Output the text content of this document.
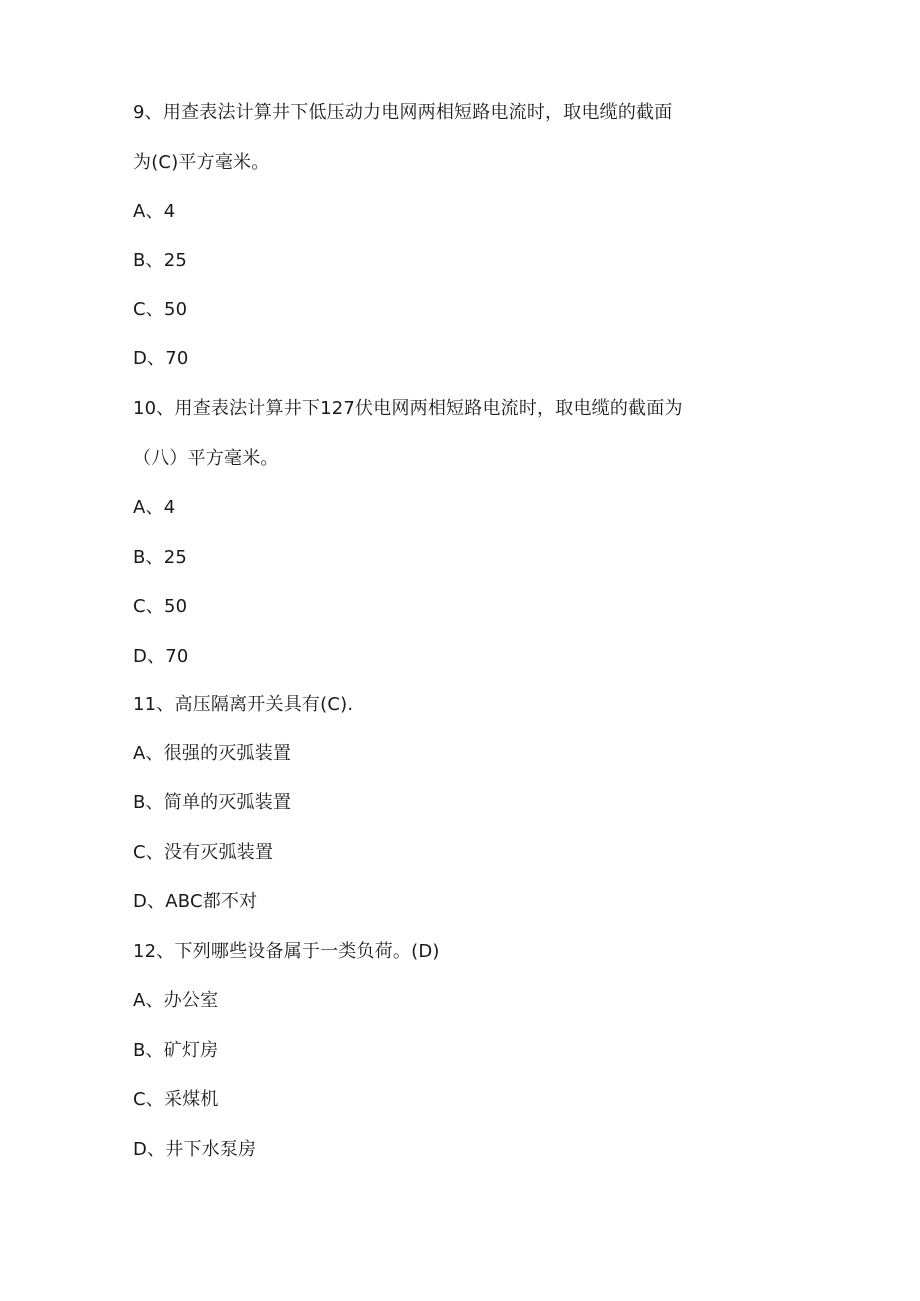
9、用查表法计算井下低压动力电网两相短路电流时，取电缆的截面
为(C)平方毫米。
A、4
B、25
C、50
D、70
10、用查表法计算井下127伏电网两相短路电流时，取电缆的截面为
（八）平方毫米。
A、4
B、25
C、50
D、70
11、高压隔离开关具有(C).
A、很强的灭弧装置
B、简单的灭弧装置
C、没有灭弧装置
D、ABC都不对
12、下列哪些设备属于一类负荷。(D)
A、办公室
B、矿灯房
C、采煤机
D、井下水泵房
